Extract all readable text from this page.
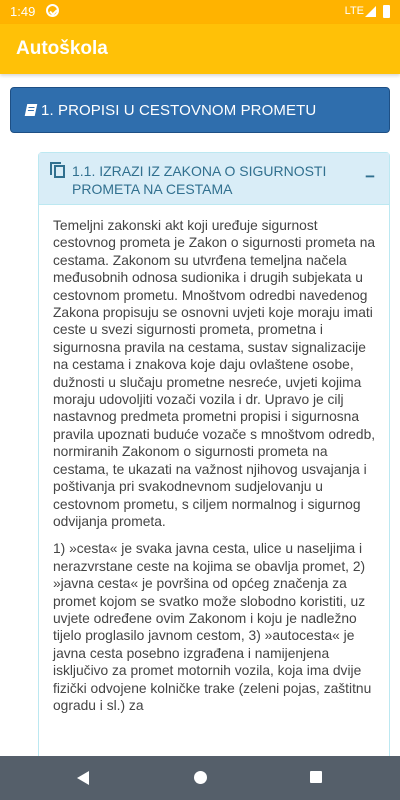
1:49	LTE
Autoškola
1. PROPISI U CESTOVNOM PROMETU
1.1. IZRAZI IZ ZAKONA O SIGURNOSTI PROMETA NA CESTAMA
−

Temeljni zakonski akt koji uređuje sigurnost cestovnog prometa je Zakon o sigurnosti prometa na cestama. Zakonom su utvrđena temeljna načela međusobnih odnosa sudionika i drugih subjekata u cestovnom prometu. Mnoštvom odredbi navedenog Zakona propisuju se osnovni uvjeti koje moraju imati ceste u svezi sigurnosti prometa, prometna i sigurnosna pravila na cestama, sustav signalizacije na cestama i znakova koje daju ovlaštene osobe, dužnosti u slučaju prometne nesreće, uvjeti kojima moraju udovoljiti vozači vozila i dr. Upravo je cilj nastavnog predmeta prometni propisi i sigurnosna pravila upoznati buduće vozače s mnoštvom odredb, normiranih Zakonom o sigurnosti prometa na cestama, te ukazati na važnost njihovog usvajanja i poštivanja pri svakodnevnom sudjelovanju u cestovnom prometu, s ciljem normalnog i sigurnog odvijanja prometa.

1) »cesta« je svaka javna cesta, ulice u naseljima i nerazvrstane ceste na kojima se obavlja promet, 2) »javna cesta« je površina od općeg značenja za promet kojom se svatko može slobodno koristiti, uz uvjete određene ovim Zakonom i koju je nadležno tijelo proglasilo javnom cestom, 3) »autocesta« je javna cesta posebno izgrađena i namijenjena isključivo za promet motornih vozila, koja ima dvije fizički odvojene kolničke trake (zeleni pojas, zaštitnu ogradu i sl.) za
